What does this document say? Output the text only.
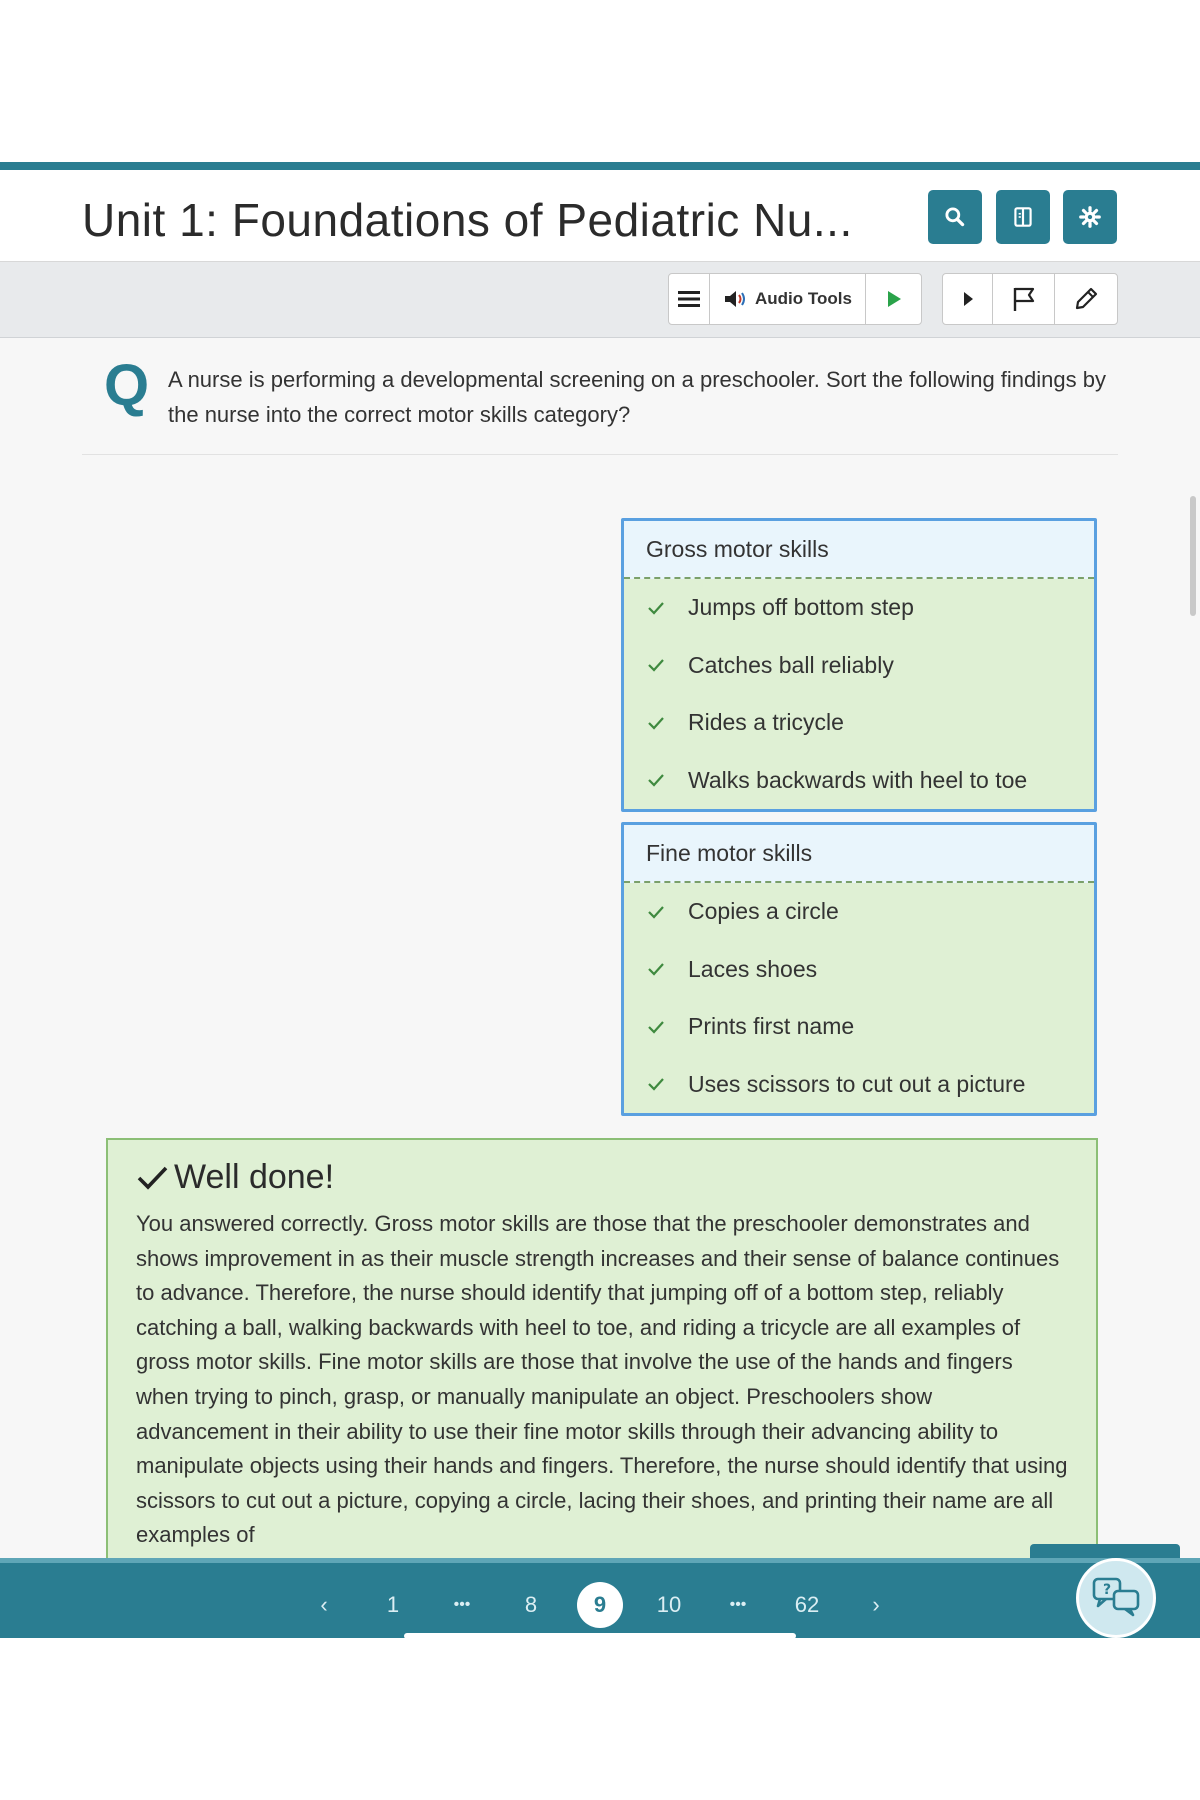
Unit 1: Foundations of Pediatric Nu...
Audio Tools
Q A nurse is performing a developmental screening on a preschooler. Sort the following findings by the nurse into the correct motor skills category?
Gross motor skills
Jumps off bottom step
Catches ball reliably
Rides a tricycle
Walks backwards with heel to toe
Fine motor skills
Copies a circle
Laces shoes
Prints first name
Uses scissors to cut out a picture
Well done!
You answered correctly. Gross motor skills are those that the preschooler demonstrates and shows improvement in as their muscle strength increases and their sense of balance continues to advance. Therefore, the nurse should identify that jumping off of a bottom step, reliably catching a ball, walking backwards with heel to toe, and riding a tricycle are all examples of gross motor skills. Fine motor skills are those that involve the use of the hands and fingers when trying to pinch, grasp, or manually manipulate an object. Preschoolers show advancement in their ability to use their fine motor skills through their advancing ability to manipulate objects using their hands and fingers. Therefore, the nurse should identify that using scissors to cut out a picture, copying a circle, lacing their shoes, and printing their name are all examples of
‹	1	•••	8	9	10	•••	62	›
?
